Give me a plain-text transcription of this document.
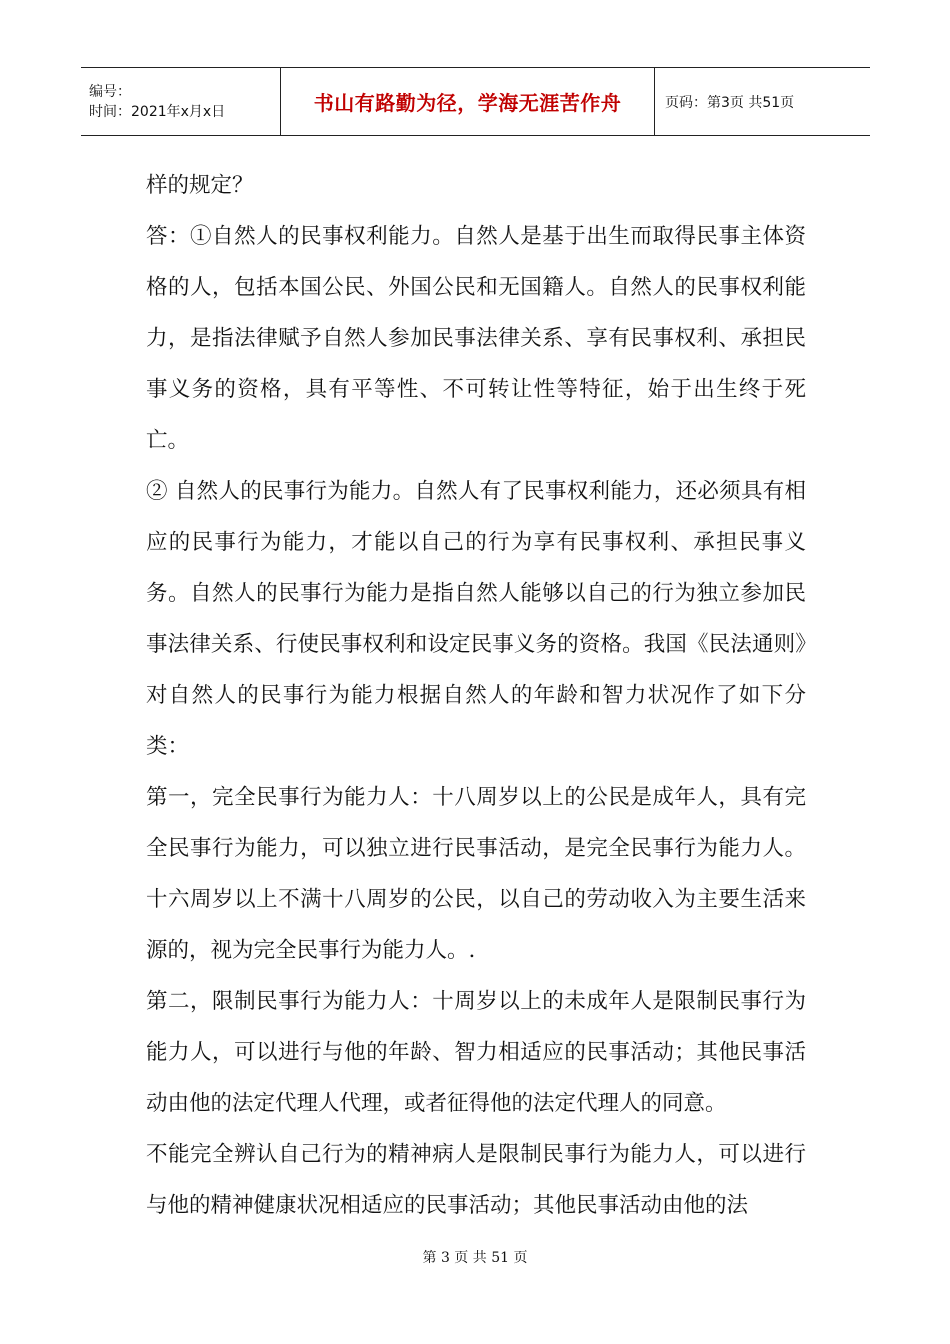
编号：
时间：2021年x月x日	书山有路勤为径，学海无涯苦作舟	页码：第3页 共51页

样的规定？

答：①自然人的民事权利能力。自然人是基于出生而取得民事主体资格的人，包括本国公民、外国公民和无国籍人。自然人的民事权利能力，是指法律赋予自然人参加民事法律关系、享有民事权利、承担民事义务的资格，具有平等性、不可转让性等特征，始于出生终于死亡。

② 自然人的民事行为能力。自然人有了民事权利能力，还必须具有相应的民事行为能力，才能以自己的行为享有民事权利、承担民事义务。自然人的民事行为能力是指自然人能够以自己的行为独立参加民事法律关系、行使民事权利和设定民事义务的资格。我国《民法通则》对自然人的民事行为能力根据自然人的年龄和智力状况作了如下分类：

第一，完全民事行为能力人：十八周岁以上的公民是成年人，具有完全民事行为能力，可以独立进行民事活动，是完全民事行为能力人。十六周岁以上不满十八周岁的公民，以自己的劳动收入为主要生活来源的，视为完全民事行为能力人。.

第二，限制民事行为能力人：十周岁以上的未成年人是限制民事行为能力人，可以进行与他的年龄、智力相适应的民事活动；其他民事活动由他的法定代理人代理，或者征得他的法定代理人的同意。

不能完全辨认自己行为的精神病人是限制民事行为能力人，可以进行与他的精神健康状况相适应的民事活动；其他民事活动由他的法

第 3 页 共 51 页
